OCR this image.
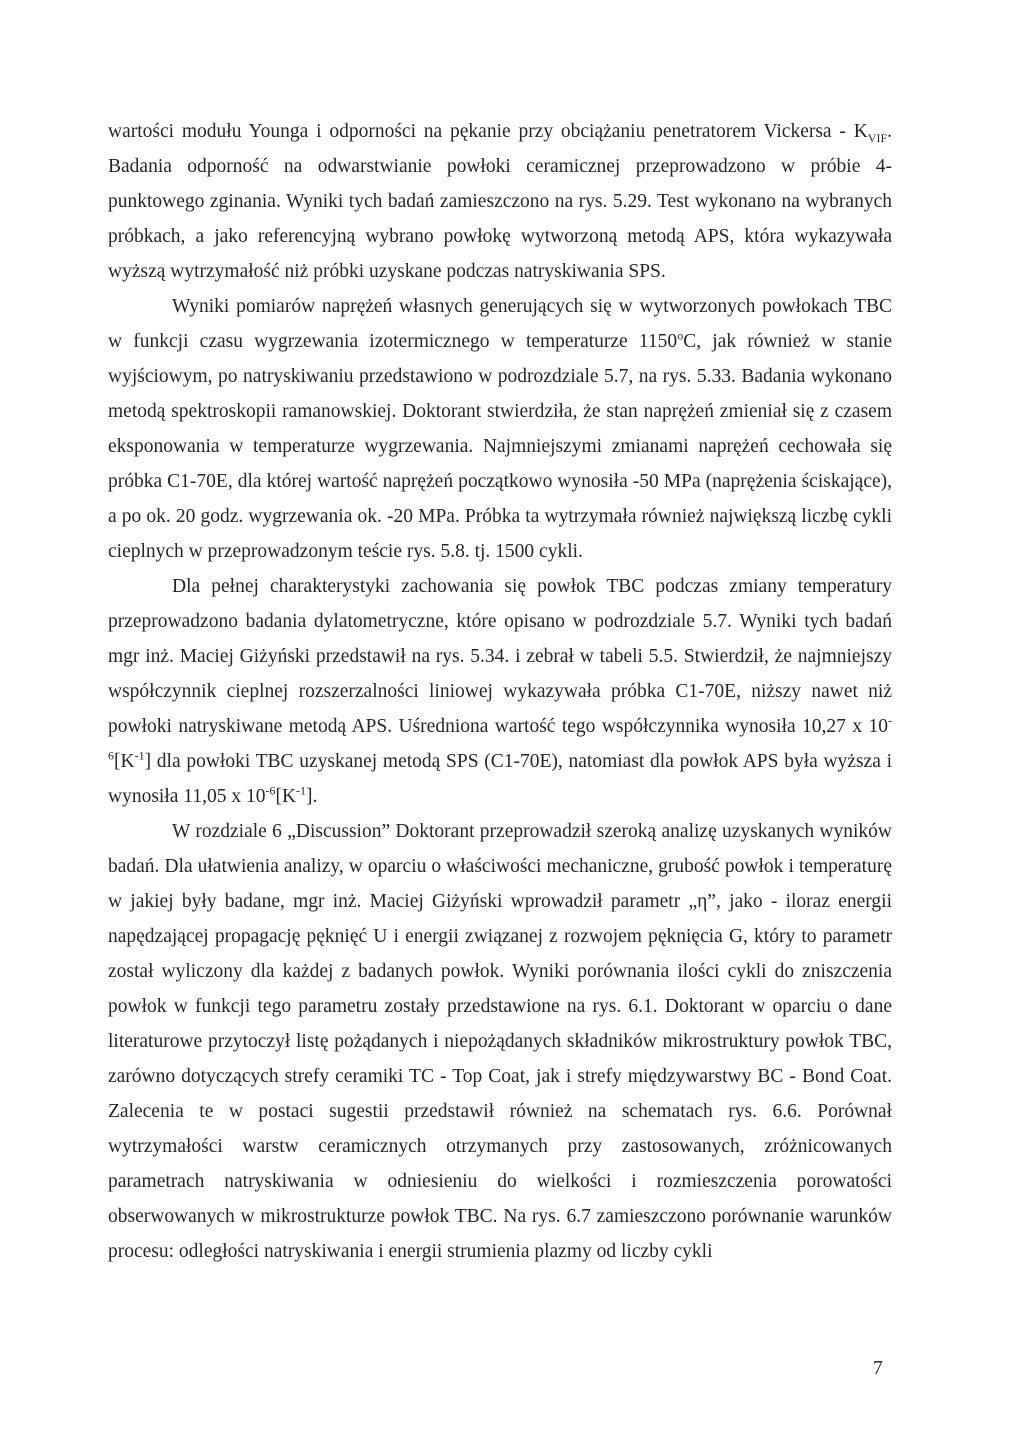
wartości modułu Younga i odporności na pękanie przy obciążaniu penetratorem Vickersa - $K_{VIF}$. Badania odporność na odwarstwianie powłoki ceramicznej przeprowadzono w próbie 4-punktowego zginania. Wyniki tych badań zamieszczono na rys. 5.29. Test wykonano na wybranych próbkach, a jako referencyjną wybrano powłokę wytworzoną metodą APS, która wykazywała wyższą wytrzymałość niż próbki uzyskane podczas natryskiwania SPS.

Wyniki pomiarów naprężeń własnych generujących się w wytworzonych powłokach TBC w funkcji czasu wygrzewania izotermicznego w temperaturze 1150$^o$C, jak również w stanie wyjściowym, po natryskiwaniu przedstawiono w podrozdziale 5.7, na rys. 5.33. Badania wykonano metodą spektroskopii ramanowskiej. Doktorant stwierdziła, że stan naprężeń zmieniał się z czasem eksponowania w temperaturze wygrzewania. Najmniejszymi zmianami naprężeń cechowała się próbka C1-70E, dla której wartość naprężeń początkowo wynosiła -50 MPa (naprężenia ściskające), a po ok. 20 godz. wygrzewania ok. -20 MPa. Próbka ta wytrzymała również największą liczbę cykli cieplnych w przeprowadzonym teście rys. 5.8. tj. 1500 cykli.

Dla pełnej charakterystyki zachowania się powłok TBC podczas zmiany temperatury przeprowadzono badania dylatometryczne, które opisano w podrozdziale 5.7. Wyniki tych badań mgr inż. Maciej Giżyński przedstawił na rys. 5.34. i zebrał w tabeli 5.5. Stwierdził, że najmniejszy współczynnik cieplnej rozszerzalności liniowej wykazywała próbka C1-70E, niższy nawet niż powłoki natryskiwane metodą APS. Uśredniona wartość tego współczynnika wynosiła 10,27 x $10^{-6}[K^{-1}]$ dla powłoki TBC uzyskanej metodą SPS (C1-70E), natomiast dla powłok APS była wyższa i wynosiła 11,05 x $10^{-6}[K^{-1}]$.

W rozdziale 6 „Discussion” Doktorant przeprowadził szeroką analizę uzyskanych wyników badań. Dla ułatwienia analizy, w oparciu o właściwości mechaniczne, grubość powłok i temperaturę w jakiej były badane, mgr inż. Maciej Giżyński wprowadził parametr „η”, jako - iloraz energii napędzającej propagację pęknięć U i energii związanej z rozwojem pęknięcia G, który to parametr został wyliczony dla każdej z badanych powłok. Wyniki porównania ilości cykli do zniszczenia powłok w funkcji tego parametru zostały przedstawione na rys. 6.1. Doktorant w oparciu o dane literaturowe przytoczył listę pożądanych i niepożądanych składników mikrostruktury powłok TBC, zarówno dotyczących strefy ceramiki TC - Top Coat, jak i strefy międzywarstwy BC - Bond Coat. Zalecenia te w postaci sugestii przedstawił również na schematach rys. 6.6. Porównał wytrzymałości warstw ceramicznych otrzymanych przy zastosowanych, zróżnicowanych parametrach natryskiwania w odniesieniu do wielkości i rozmieszczenia porowatości obserwowanych w mikrostrukturze powłok TBC. Na rys. 6.7 zamieszczono porównanie warunków procesu: odległości natryskiwania i energii strumienia plazmy od liczby cykli

7
